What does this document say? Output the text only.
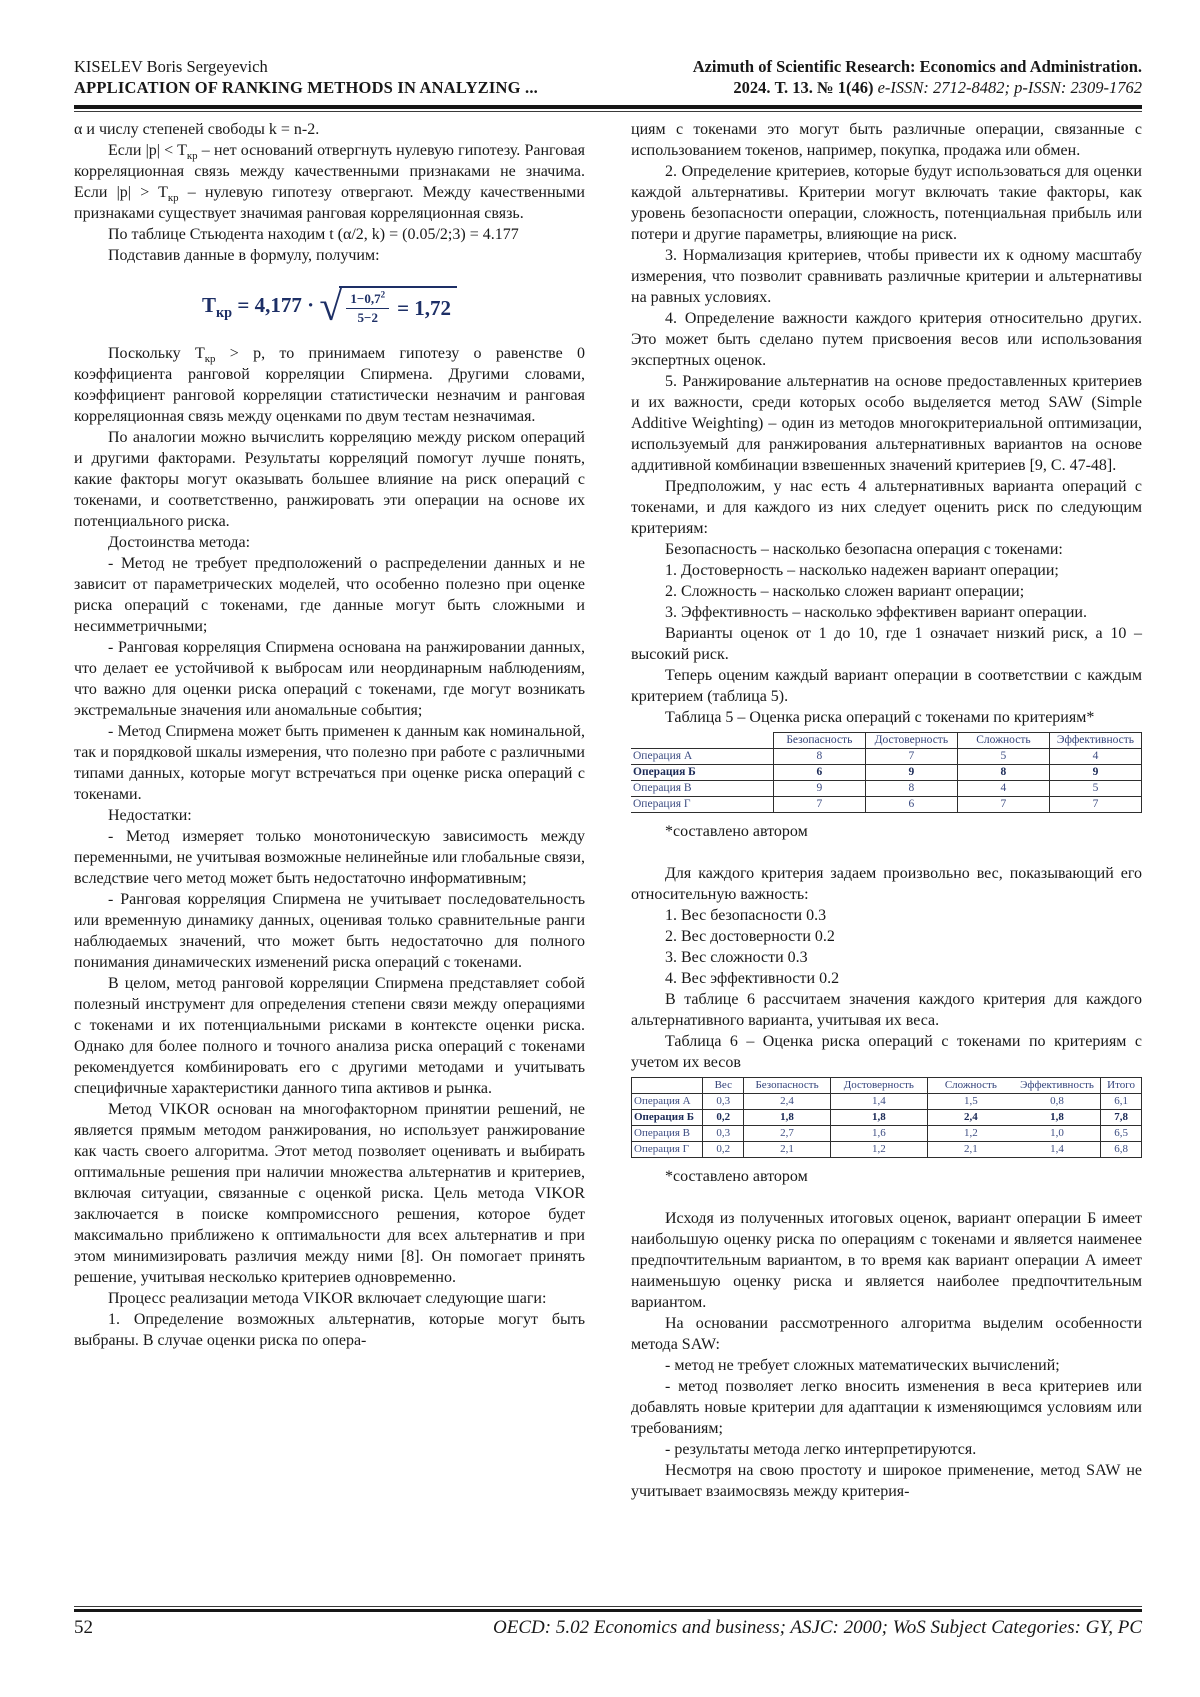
KISELEV Boris Sergeyevich
APPLICATION OF RANKING METHODS IN ANALYZING ...
Azimuth of Scientific Research: Economics and Administration.
2024. Т. 13. № 1(46) e-ISSN: 2712-8482; p-ISSN: 2309-1762

α и числу степеней свободы k = n-2.

Если $|p| < T_{кр}$ – нет оснований отвергнуть нулевую гипотезу. Ранговая корреляционная связь между качественными признаками не значима. Если $|p| > T_{кр}$ – нулевую гипотезу отвергают. Между качественными признаками существует значимая ранговая корреляционная связь.

По таблице Стьюдента находим t (α/2, k) = (0.05/2;3) = 4.177

Подставив данные в формулу, получим:

$T_{кр} = 4,177$ · √ $\frac{1-0,7^2}{5-2} = 1,72$

Поскольку $T_{кр} > p$, то принимаем гипотезу о равенстве 0 коэффициента ранговой корреляции Спирмена. Другими словами, коэффициент ранговой корреляции статистически незначим и ранговая корреляционная связь между оценками по двум тестам незначимая.

По аналогии можно вычислить корреляцию между риском операций и другими факторами. Результаты корреляций помогут лучше понять, какие факторы могут оказывать большее влияние на риск операций с токенами, и соответственно, ранжировать эти операции на основе их потенциального риска.

Достоинства метода:

- Метод не требует предположений о распределении данных и не зависит от параметрических моделей, что особенно полезно при оценке риска операций с токенами, где данные могут быть сложными и несимметричными;

- Ранговая корреляция Спирмена основана на ранжировании данных, что делает ее устойчивой к выбросам или неординарным наблюдениям, что важно для оценки риска операций с токенами, где могут возникать экстремальные значения или аномальные события;

- Метод Спирмена может быть применен к данным как номинальной, так и порядковой шкалы измерения, что полезно при работе с различными типами данных, которые могут встречаться при оценке риска операций с токенами.

Недостатки:

- Метод измеряет только монотоническую зависимость между переменными, не учитывая возможные нелинейные или глобальные связи, вследствие чего метод может быть недостаточно информативным;

- Ранговая корреляция Спирмена не учитывает последовательность или временную динамику данных, оценивая только сравнительные ранги наблюдаемых значений, что может быть недостаточно для полного понимания динамических изменений риска операций с токенами.

В целом, метод ранговой корреляции Спирмена представляет собой полезный инструмент для определения степени связи между операциями с токенами и их потенциальными рисками в контексте оценки риска. Однако для более полного и точного анализа риска операций с токенами рекомендуется комбинировать его с другими методами и учитывать специфичные характеристики данного типа активов и рынка.

Метод VIKOR основан на многофакторном принятии решений, не является прямым методом ранжирования, но использует ранжирование как часть своего алгоритма. Этот метод позволяет оценивать и выбирать оптимальные решения при наличии множества альтернатив и критериев, включая ситуации, связанные с оценкой риска. Цель метода VIKOR заключается в поиске компромиссного решения, которое будет максимально приближено к оптимальности для всех альтернатив и при этом минимизировать различия между ними [8]. Он помогает принять решение, учитывая несколько критериев одновременно.

Процесс реализации метода VIKOR включает следующие шаги:

1. Определение возможных альтернатив, которые могут быть выбраны. В случае оценки риска по опера-

циям с токенами это могут быть различные операции, связанные с использованием токенов, например, покупка, продажа или обмен.

2. Определение критериев, которые будут использоваться для оценки каждой альтернативы. Критерии могут включать такие факторы, как уровень безопасности операции, сложность, потенциальная прибыль или потери и другие параметры, влияющие на риск.

3. Нормализация критериев, чтобы привести их к одному масштабу измерения, что позволит сравнивать различные критерии и альтернативы на равных условиях.

4. Определение важности каждого критерия относительно других. Это может быть сделано путем присвоения весов или использования экспертных оценок.

5. Ранжирование альтернатив на основе предоставленных критериев и их важности, среди которых особо выделяется метод SAW (Simple Additive Weighting) – один из методов многокритериальной оптимизации, используемый для ранжирования альтернативных вариантов на основе аддитивной комбинации взвешенных значений критериев [9, С. 47-48].

Предположим, у нас есть 4 альтернативных варианта операций с токенами, и для каждого из них следует оценить риск по следующим критериям:

Безопасность – насколько безопасна операция с токенами:

1. Достоверность – насколько надежен вариант операции;

2. Сложность – насколько сложен вариант операции;

3. Эффективность – насколько эффективен вариант операции.

Варианты оценок от 1 до 10, где 1 означает низкий риск, а 10 – высокий риск.

Теперь оценим каждый вариант операции в соответствии с каждым критерием (таблица 5).

Таблица 5 – Оценка риска операций с токенами по критериям*

	Безопасность	Достоверность	Сложность	Эффективность
Операция А	8	7	5	4
Операция Б	6	9	8	9
Операция В	9	8	4	5
Операция Г	7	6	7	7

*составлено автором

Для каждого критерия задаем произвольно вес, показывающий его относительную важность:

1. Вес безопасности 0.3

2. Вес достоверности 0.2

3. Вес сложности 0.3

4. Вес эффективности 0.2

В таблице 6 рассчитаем значения каждого критерия для каждого альтернативного варианта, учитывая их веса.

Таблица 6 – Оценка риска операций с токенами по критериям с учетом их весов

	Вес	Безопасность	Достоверность	Сложность	Эффективность	Итого
Операция А	0,3	2,4	1,4	1,5	0,8	6,1
Операция Б	0,2	1,8	1,8	2,4	1,8	7,8
Операция В	0,3	2,7	1,6	1,2	1,0	6,5
Операция Г	0,2	2,1	1,2	2,1	1,4	6,8

*составлено автором

Исходя из полученных итоговых оценок, вариант операции Б имеет наибольшую оценку риска по операциям с токенами и является наименее предпочтительным вариантом, в то время как вариант операции А имеет наименьшую оценку риска и является наиболее предпочтительным вариантом.

На основании рассмотренного алгоритма выделим особенности метода SAW:

- метод не требует сложных математических вычислений;

- метод позволяет легко вносить изменения в веса критериев или добавлять новые критерии для адаптации к изменяющимся условиям или требованиям;

- результаты метода легко интерпретируются.

Несмотря на свою простоту и широкое применение, метод SAW не учитывает взаимосвязь между критерия-

52	OECD: 5.02 Economics and business; ASJC: 2000; WoS Subject Categories: GY, PC
